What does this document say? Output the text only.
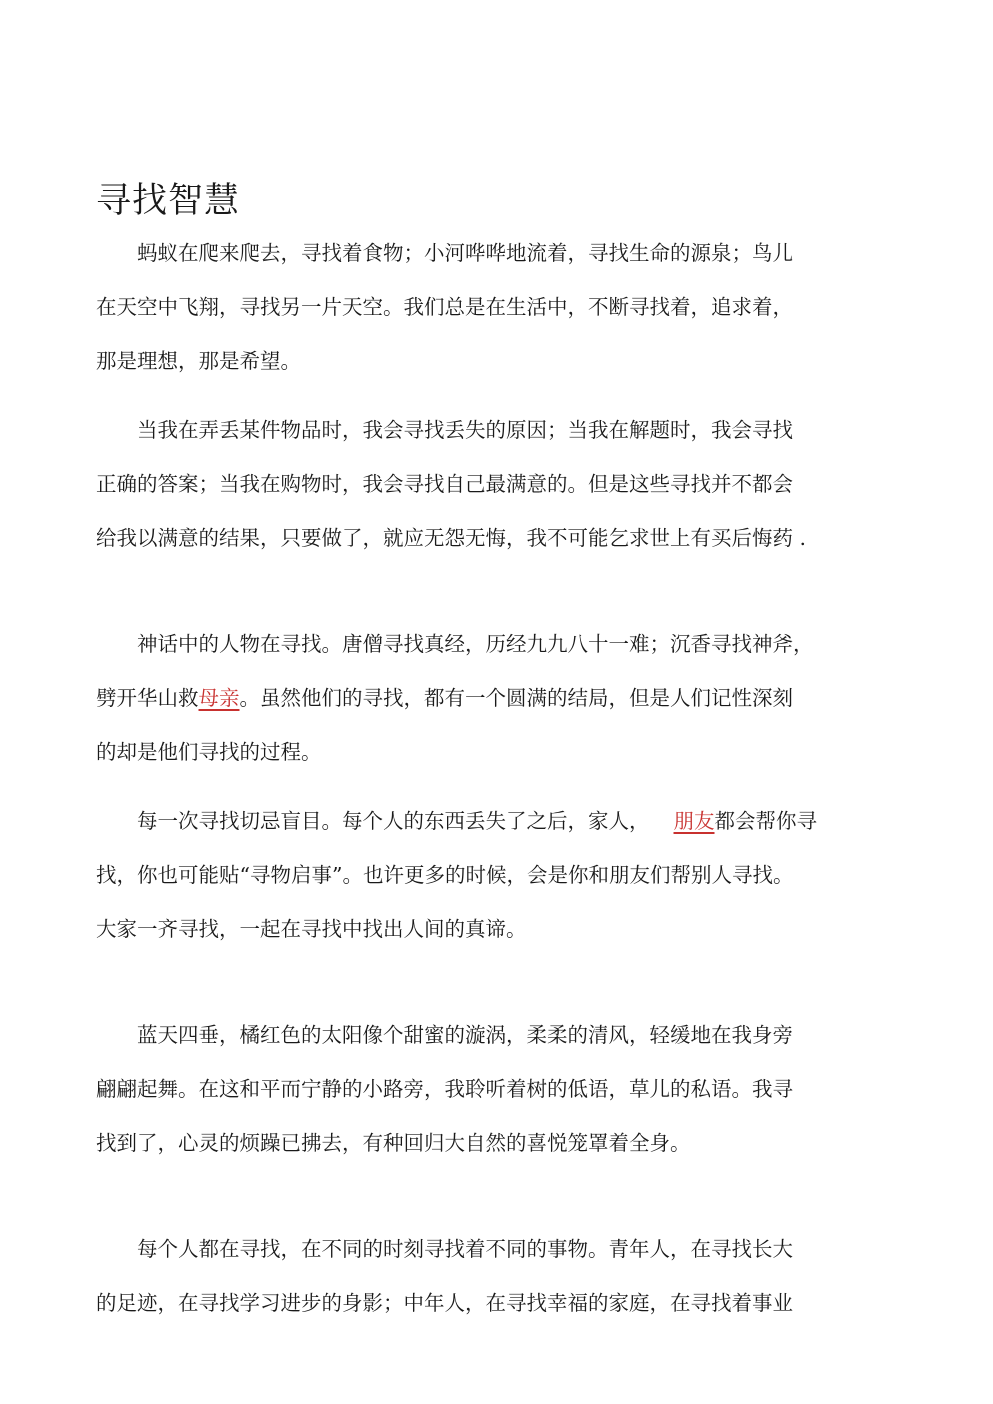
寻找智慧
蚂蚁在爬来爬去，寻找着食物；小河哗哗地流着，寻找生命的源泉；鸟儿
在天空中飞翔，寻找另一片天空。我们总是在生活中，不断寻找着，追求着，
那是理想，那是希望。
当我在弄丢某件物品时，我会寻找丢失的原因；当我在解题时，我会寻找
正确的答案；当我在购物时，我会寻找自己最满意的。但是这些寻找并不都会
给我以满意的结果，只要做了，就应无怨无悔，我不可能乞求世上有买后悔药 .
神话中的人物在寻找。唐僧寻找真经，历经九九八十一难；沉香寻找神斧，
劈开华山救母亲。虽然他们的寻找，都有一个圆满的结局，但是人们记性深刻
的却是他们寻找的过程。
每一次寻找切忌盲目。每个人的东西丢失了之后，家人， 朋友都会帮你寻
找，你也可能贴“寻物启事”。也许更多的时候，会是你和朋友们帮别人寻找。
大家一齐寻找，一起在寻找中找出人间的真谛。
蓝天四垂，橘红色的太阳像个甜蜜的漩涡，柔柔的清风，轻缓地在我身旁
翩翩起舞。在这和平而宁静的小路旁，我聆听着树的低语，草儿的私语。我寻
找到了，心灵的烦躁已拂去，有种回归大自然的喜悦笼罩着全身。
每个人都在寻找，在不同的时刻寻找着不同的事物。青年人，在寻找长大
的足迹，在寻找学习进步的身影；中年人，在寻找幸福的家庭，在寻找着事业
